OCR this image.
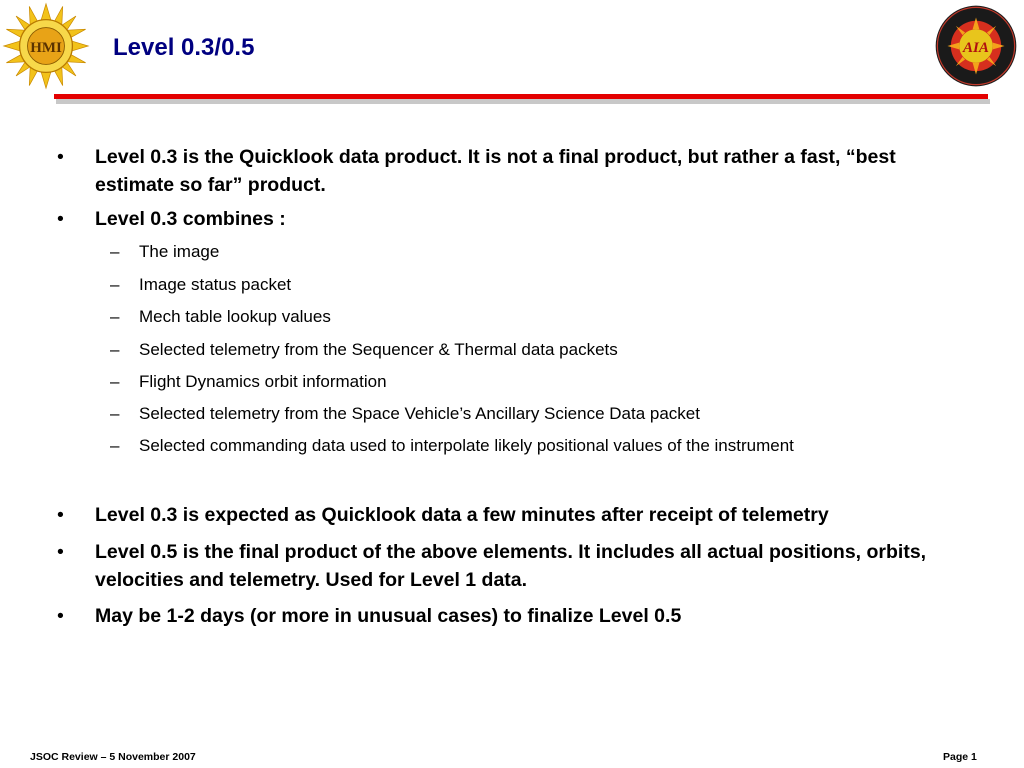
HMI Level 0.3/0.5	AIA
• Level 0.3 is the Quicklook data product. It is not a final product, but rather a fast, “best estimate so far” product.
• Level 0.3 combines :
– The image
– Image status packet
– Mech table lookup values
– Selected telemetry from the Sequencer & Thermal data packets
– Flight Dynamics orbit information
– Selected telemetry from the Space Vehicle’s Ancillary Science Data packet
– Selected commanding data used to interpolate likely positional values of the instrument
• Level 0.3 is expected as Quicklook data a few minutes after receipt of telemetry
• Level 0.5 is the final product of the above elements. It includes all actual positions, orbits, velocities and telemetry. Used for Level 1 data.
• May be 1-2 days (or more in unusual cases) to finalize Level 0.5
JSOC Review – 5 November 2007	Page 1
